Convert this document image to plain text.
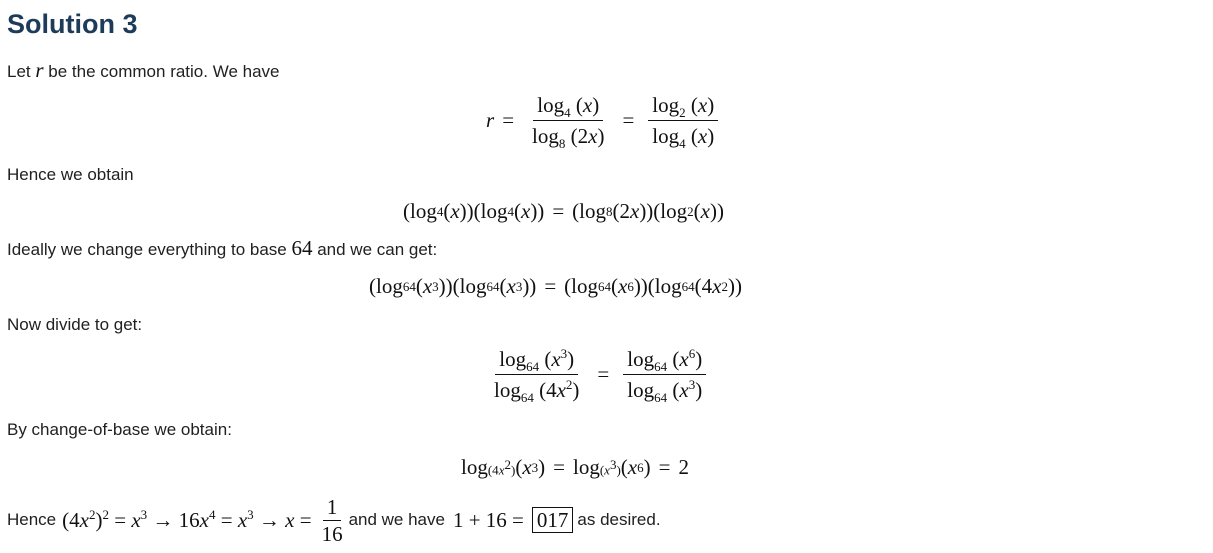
Solution 3
Let r be the common ratio. We have
$r = \frac{\log_4 (x)}{\log_8 (2x)} = \frac{\log_2 (x)}{\log_4 (x)}$
Hence we obtain
(log 4 ( x ))(log 4 ( x )) = (log 8 (2 x ))(log 2 ( x ))
Ideally we change everything to base 64 and we can get:
(log 64 ( x 3 ))(log 64 ( x 3 )) = (log 64 ( x 6 ))(log 64 (4 x 2 ))
Now divide to get:
$\frac{\log_{64} (x^3)}{\log_{64} (4x^2)} = \frac{\log_{64} (x^6)}{\log_{64} (x^3)}$
By change-of-base we obtain:
$\log (4x^2)$ ( x 3 ) = $\log (x^3)$ ( x 6 ) = 2
Hence $(4x^2)^2 = x^3 \to 16x^4 = x^3 \to x = \frac{1}{16}$ and we have 1 + 16 = 017 as desired.
